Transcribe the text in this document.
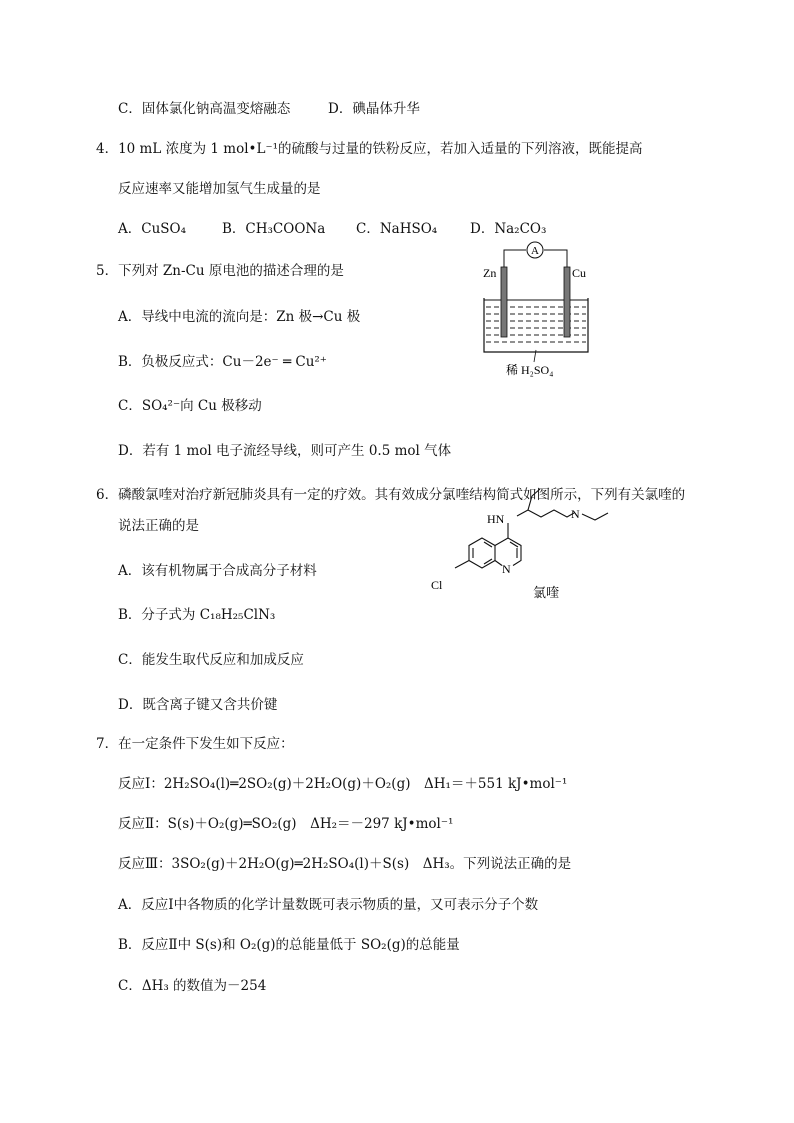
C．固体氯化钠高温变熔融态	D．碘晶体升华
4．10 mL 浓度为 1 mol•L⁻¹的硫酸与过量的铁粉反应，若加入适量的下列溶液，既能提高
反应速率又能增加氢气生成量的是
A．CuSO₄	B．CH₃COONa C．NaHSO₄ D．Na₂CO₃
5．下列对 Zn-Cu 原电池的描述合理的是
A．导线中电流的流向是：Zn 极→Cu 极
B．负极反应式：Cu－2e⁻ ═ Cu²⁺
C．SO₄²⁻向 Cu 极移动
D．若有 1 mol 电子流经导线，则可产生 0.5 mol 气体
A
Zn	Cu
稀 H₂SO₄
6．磷酸氯喹对治疗新冠肺炎具有一定的疗效。其有效成分氯喹结构简式如图所示，下列有关氯喹的
说法正确的是
A．该有机物属于合成高分子材料
B．分子式为 C₁₈H₂₅ClN₃
C．能发生取代反应和加成反应
D．既含离子键又含共价键
HN	N
N
Cl	氯喹
7．在一定条件下发生如下反应：
反应Ⅰ：2H₂SO₄(l)═2SO₂(g)＋2H₂O(g)＋O₂(g)　ΔH₁＝＋551 kJ•mol⁻¹
反应Ⅱ：S(s)＋O₂(g)═SO₂(g)　ΔH₂＝－297 kJ•mol⁻¹
反应Ⅲ：3SO₂(g)＋2H₂O(g)═2H₂SO₄(l)＋S(s)　ΔH₃。下列说法正确的是
A．反应Ⅰ中各物质的化学计量数既可表示物质的量，又可表示分子个数
B．反应Ⅱ中 S(s)和 O₂(g)的总能量低于 SO₂(g)的总能量
C．ΔH₃ 的数值为－254
